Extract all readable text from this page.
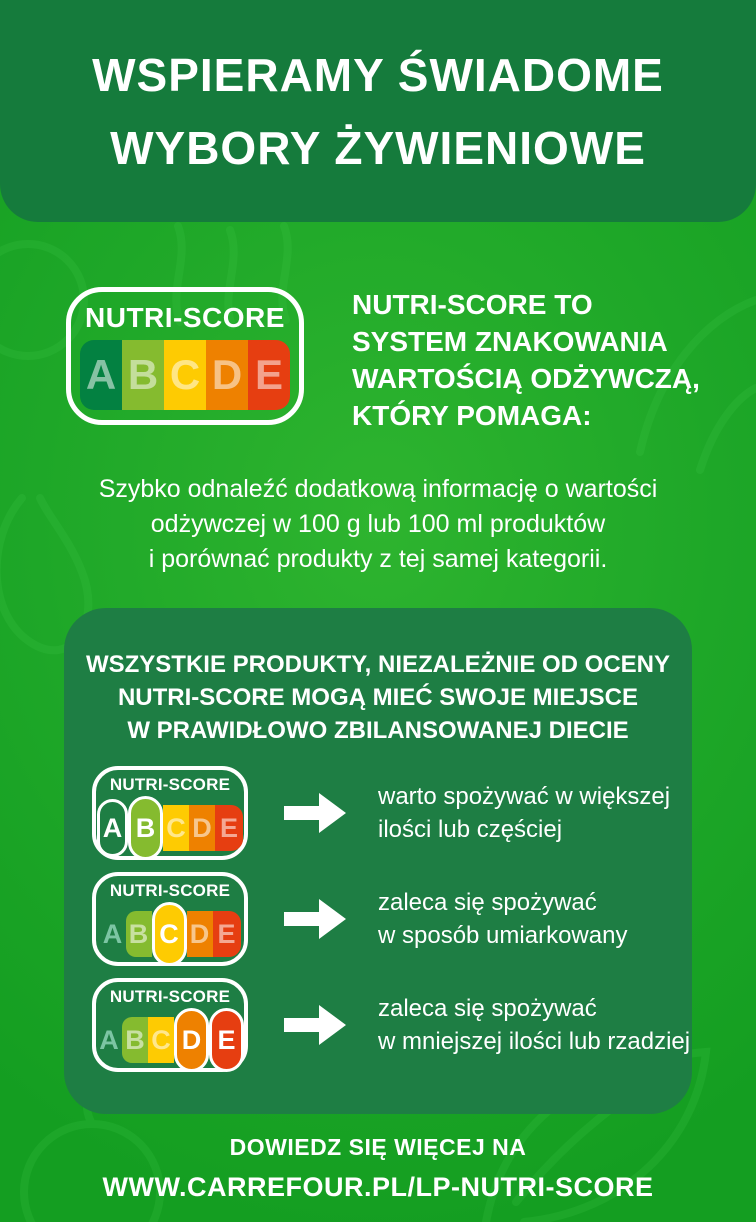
WSPIERAMY ŚWIADOME
WYBORY ŻYWIENIOWE
NUTRI-SCORE
A B C D E
NUTRI-SCORE TO
SYSTEM ZNAKOWANIA
WARTOŚCIĄ ODŻYWCZĄ,
KTÓRY POMAGA:
Szybko odnaleźć dodatkową informację o wartości
odżywczej w 100 g lub 100 ml produktów
i porównać produkty z tej samej kategorii.
WSZYSTKIE PRODUKTY, NIEZALEŻNIE OD OCENY
NUTRI-SCORE MOGĄ MIEĆ SWOJE MIEJSCE
W PRAWIDŁOWO ZBILANSOWANEJ DIECIE
NUTRI-SCORE
A B C D E
warto spożywać w większej
ilości lub częściej
NUTRI-SCORE
A B C D E
zaleca się spożywać
w sposób umiarkowany
NUTRI-SCORE
A B C D E
zaleca się spożywać
w mniejszej ilości lub rzadziej
DOWIEDZ SIĘ WIĘCEJ NA
WWW.CARREFOUR.PL/LP-NUTRI-SCORE
